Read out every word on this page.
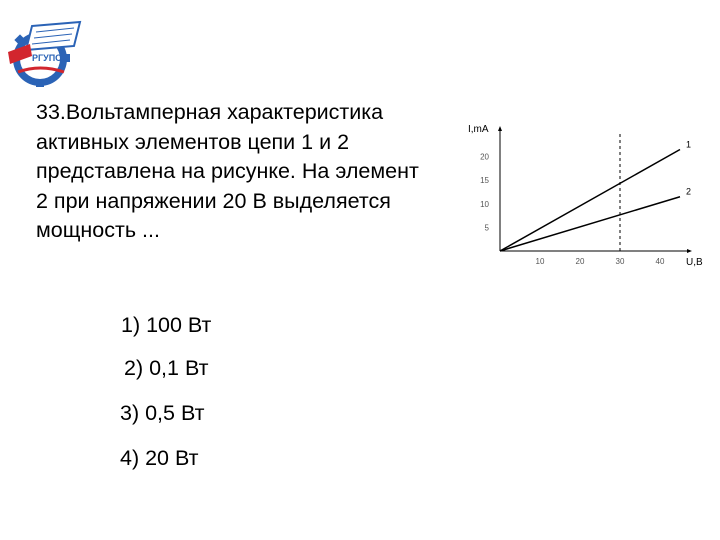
РГУПС
33.Вольтамперная характеристика
активных элементов цепи 1 и 2
представлена на рисунке. На элемент
2 при напряжении 20 В выделяется
мощность ...
I,mA
U,B
10	20	30	40
5
10
15
20
1
2
1) 100 Вт
2) 0,1 Вт
3) 0,5 Вт
4) 20 Вт
